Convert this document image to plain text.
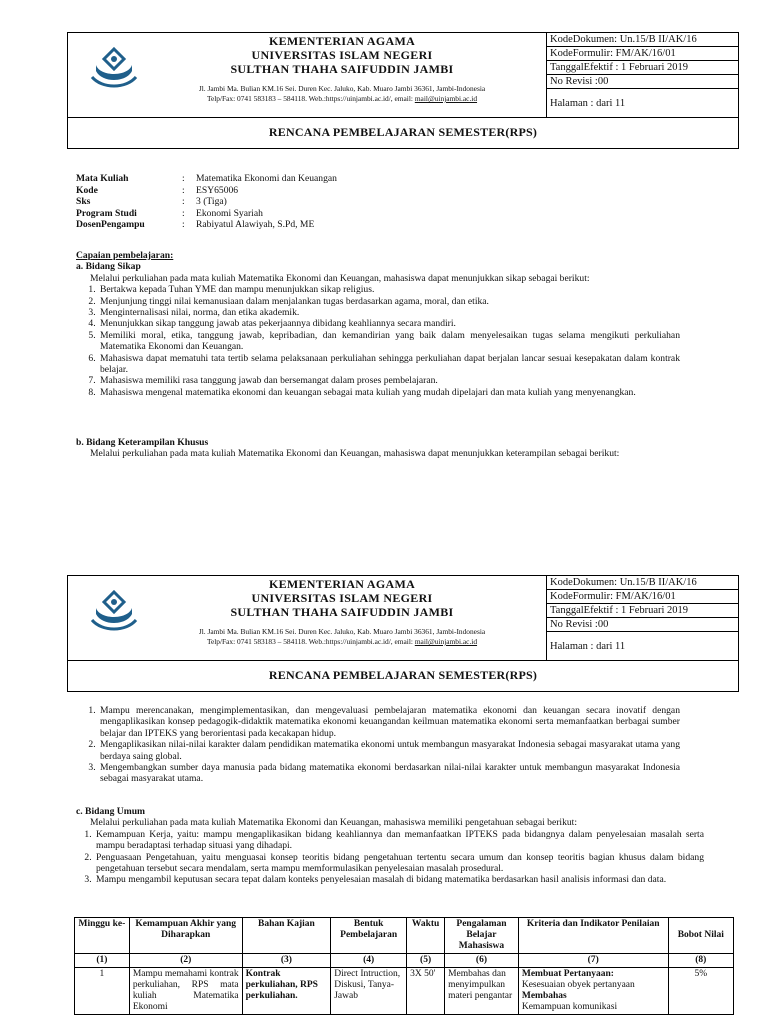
KEMENTERIAN AGAMA
UNIVERSITAS ISLAM NEGERI
SULTHAN THAHA SAIFUDDIN JAMBI
Jl. Jambi Ma. Bulian KM.16 Sei. Duren Kec. Jaluko, Kab. Muaro Jambi 36361, Jambi-Indonesia
Telp/Fax: 0741 583183 – 584118. Web.:https://uinjambi.ac.id/, email: mail@uinjambi.ac.id
KodeDokumen: Un.15/B II/AK/16
KodeFormulir: FM/AK/16/01
TanggalEfektif : 1 Februari 2019
No Revisi :00
Halaman : dari 11
RENCANA PEMBELAJARAN SEMESTER(RPS)
Mata Kuliah	:	Matematika Ekonomi dan Keuangan
Kode	:	ESY65006
Sks	:	3 (Tiga)
Program Studi	:	Ekonomi Syariah
DosenPengampu	:	Rabiyatul Alawiyah, S.Pd, ME
Capaian pembelajaran:
a. Bidang Sikap
Melalui perkuliahan pada mata kuliah Matematika Ekonomi dan Keuangan, mahasiswa dapat menunjukkan sikap sebagai berikut:
1. Bertakwa kepada Tuhan YME dan mampu menunjukkan sikap religius.
2. Menjunjung tinggi nilai kemanusiaan dalam menjalankan tugas berdasarkan agama, moral, dan etika.
3. Menginternalisasi nilai, norma, dan etika akademik.
4. Menunjukkan sikap tanggung jawab atas pekerjaannya dibidang keahliannya secara mandiri.
5. Memiliki moral, etika, tanggung jawab, kepribadian, dan kemandirian yang baik dalam menyelesaikan tugas selama mengikuti perkuliahan Matematika Ekonomi dan Keuangan.
6. Mahasiswa dapat mematuhi tata tertib selama pelaksanaan perkuliahan sehingga perkuliahan dapat berjalan lancar sesuai kesepakatan dalam kontrak belajar.
7. Mahasiswa memiliki rasa tanggung jawab dan bersemangat dalam proses pembelajaran.
8. Mahasiswa mengenal matematika ekonomi dan keuangan sebagai mata kuliah yang mudah dipelajari dan mata kuliah yang menyenangkan.
b. Bidang Keterampilan Khusus
Melalui perkuliahan pada mata kuliah Matematika Ekonomi dan Keuangan, mahasiswa dapat menunjukkan keterampilan sebagai berikut:
KEMENTERIAN AGAMA
UNIVERSITAS ISLAM NEGERI
SULTHAN THAHA SAIFUDDIN JAMBI
Jl. Jambi Ma. Bulian KM.16 Sei. Duren Kec. Jaluko, Kab. Muaro Jambi 36361, Jambi-Indonesia
Telp/Fax: 0741 583183 – 584118. Web.:https://uinjambi.ac.id/, email: mail@uinjambi.ac.id
KodeDokumen: Un.15/B II/AK/16
KodeFormulir: FM/AK/16/01
TanggalEfektif : 1 Februari 2019
No Revisi :00
Halaman : dari 11
RENCANA PEMBELAJARAN SEMESTER(RPS)
1. Mampu merencanakan, mengimplementasikan, dan mengevaluasi pembelajaran matematika ekonomi dan keuangan secara inovatif dengan mengaplikasikan konsep pedagogik-didaktik matematika ekonomi keuangandan keilmuan matematika ekonomi serta memanfaatkan berbagai sumber belajar dan IPTEKS yang berorientasi pada kecakapan hidup.
2. Mengaplikasikan nilai-nilai karakter dalam pendidikan matematika ekonomi untuk membangun masyarakat Indonesia sebagai masyarakat utama yang berdaya saing global.
3. Mengembangkan sumber daya manusia pada bidang matematika ekonomi berdasarkan nilai-nilai karakter untuk membangun masyarakat Indonesia sebagai masyarakat utama.
c. Bidang Umum
Melalui perkuliahan pada mata kuliah Matematika Ekonomi dan Keuangan, mahasiswa memiliki pengetahuan sebagai berikut:
1. Kemampuan Kerja, yaitu: mampu mengaplikasikan bidang keahliannya dan memanfaatkan IPTEKS pada bidangnya dalam penyelesaian masalah serta mampu beradaptasi terhadap situasi yang dihadapi.
2. Penguasaan Pengetahuan, yaitu menguasai konsep teoritis bidang pengetahuan tertentu secara umum dan konsep teoritis bagian khusus dalam bidang pengetahuan tersebut secara mendalam, serta mampu memformulasikan penyelesaian masalah prosedural.
3. Mampu mengambil keputusan secara tepat dalam konteks penyelesaian masalah di bidang matematika berdasarkan hasil analisis informasi dan data.
Minggu ke-	Kemampuan Akhir yang Diharapkan	Bahan Kajian	Bentuk Pembelajaran	Waktu	Pengalaman Belajar Mahasiswa	Kriteria dan Indikator Penilaian	Bobot Nilai
(1)	(2)	(3)	(4)	(5)	(6)	(7)	(8)
1	Mampu memahami kontrak perkuliahan, RPS mata kuliah Matematika Ekonomi	Kontrak perkuliahan, RPS perkuliahan.	Direct Intruction, Diskusi, Tanya-Jawab	3X 50'	Membahas dan menyimpulkan materi pengantar	Membuat Pertanyaan:
Kesesuaian obyek pertanyaan
Membahas
Kemampuan komunikasi	5%
